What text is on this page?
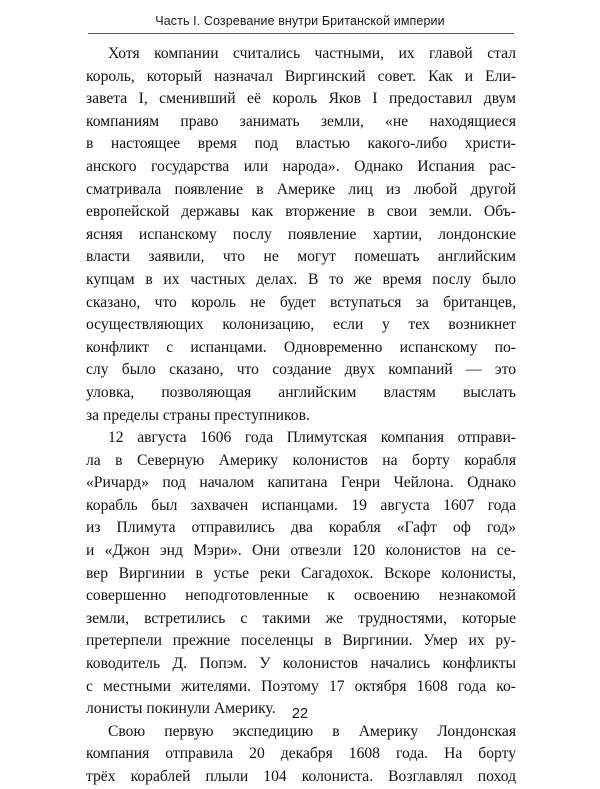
Часть I. Созревание внутри Британской империи
Хотя компании считались частными, их главой стал
король, который назначал Виргинский совет. Как и Ели-
завета I, сменивший её король Яков I предоставил двум
компаниям право занимать земли, «не находящиеся
в настоящее время под властью какого-либо христи-
анского государства или народа». Однако Испания рас-
сматривала появление в Америке лиц из любой другой
европейской державы как вторжение в свои земли. Объ-
ясняя испанскому послу появление хартии, лондонские
власти заявили, что не могут помешать английским
купцам в их частных делах. В то же время послу было
сказано, что король не будет вступаться за британцев,
осуществляющих колонизацию, если у тех возникнет
конфликт с испанцами. Одновременно испанскому по-
слу было сказано, что создание двух компаний — это
уловка, позволяющая английским властям выслать
за пределы страны преступников.
12 августа 1606 года Плимутская компания отправи-
ла в Северную Америку колонистов на борту корабля
«Ричард» под началом капитана Генри Чейлона. Однако
корабль был захвачен испанцами. 19 августа 1607 года
из Плимута отправились два корабля «Гафт оф год»
и «Джон энд Мэри». Они отвезли 120 колонистов на се-
вер Виргинии в устье реки Сагадохок. Вскоре колонисты,
совершенно неподготовленные к освоению незнакомой
земли, встретились с такими же трудностями, которые
претерпели прежние поселенцы в Виргинии. Умер их ру-
ководитель Д. Попэм. У колонистов начались конфликты
с местными жителями. Поэтому 17 октября 1608 года ко-
лонисты покинули Америку.
Свою первую экспедицию в Америку Лондонская
компания отправила 20 декабря 1608 года. На борту
трёх кораблей плыли 104 колониста. Возглавлял поход
22
